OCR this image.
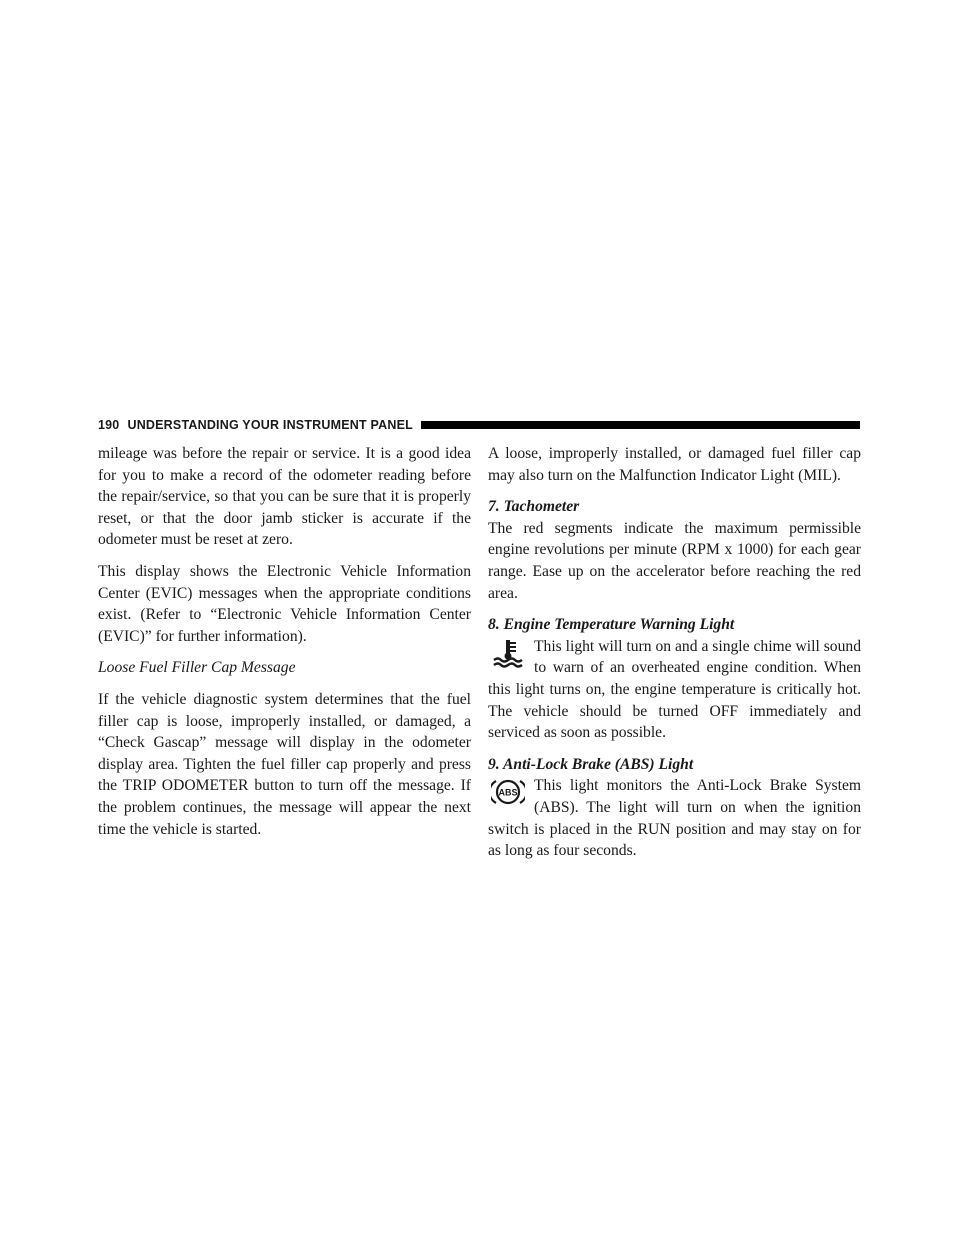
190 UNDERSTANDING YOUR INSTRUMENT PANEL

mileage was before the repair or service. It is a good idea for you to make a record of the odometer reading before the repair/service, so that you can be sure that it is properly reset, or that the door jamb sticker is accurate if the odometer must be reset at zero.

This display shows the Electronic Vehicle Information Center (EVIC) messages when the appropriate conditions exist. (Refer to “Electronic Vehicle Information Center (EVIC)” for further information).

Loose Fuel Filler Cap Message

If the vehicle diagnostic system determines that the fuel filler cap is loose, improperly installed, or damaged, a “Check Gascap” message will display in the odometer display area. Tighten the fuel filler cap properly and press the TRIP ODOMETER button to turn off the message. If the problem continues, the message will appear the next time the vehicle is started.

A loose, improperly installed, or damaged fuel filler cap may also turn on the Malfunction Indicator Light (MIL).

7. Tachometer

The red segments indicate the maximum permissible engine revolutions per minute (RPM x 1000) for each gear range. Ease up on the accelerator before reaching the red area.

8. Engine Temperature Warning Light

This light will turn on and a single chime will sound to warn of an overheated engine condition. When this light turns on, the engine temperature is critically hot. The vehicle should be turned OFF immediately and serviced as soon as possible.

9. Anti-Lock Brake (ABS) Light

ABS	This light monitors the Anti-Lock Brake System (ABS). The light will turn on when the ignition switch is placed in the RUN position and may stay on for as long as four seconds.
